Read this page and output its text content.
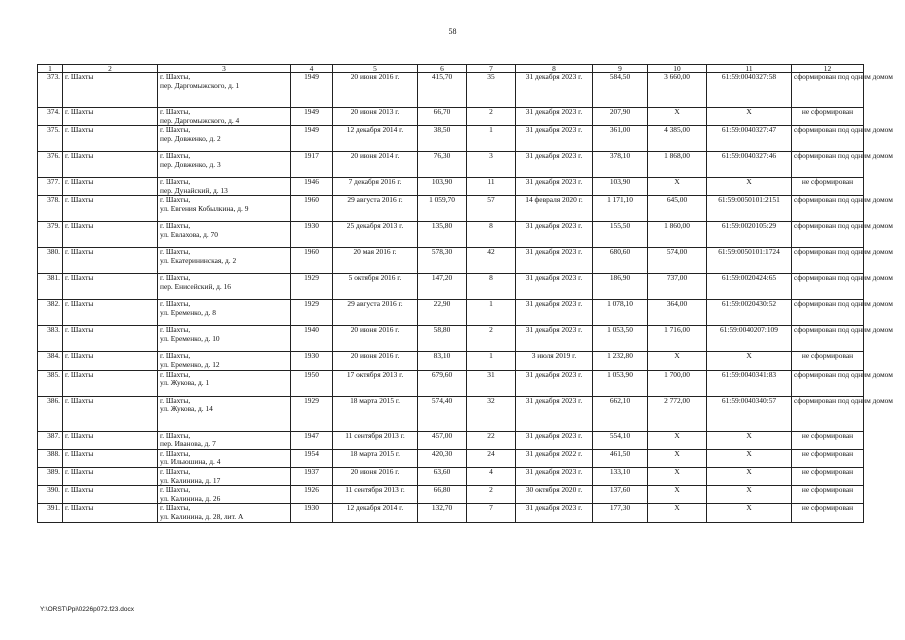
58
1	2	3	4	5	6	7	8	9	10	11	12
373.	г. Шахты	г. Шахты,
пер. Даргомыжского, д. 1	1949	20 июня 2016 г.	415,70	35	31 декабря 2023 г.	584,50	3 660,00	61:59:0040327:58	сформирован под одним домом
374.	г. Шахты	г. Шахты,
пер. Даргомыжского, д. 4	1949	20 июня 2013 г.	66,70	2	31 декабря 2023 г.	207,90	X	X	не сформирован
375.	г. Шахты	г. Шахты,
пер. Довженко, д. 2	1949	12 декабря 2014 г.	38,50	1	31 декабря 2023 г.	361,00	4 385,00	61:59:0040327:47	сформирован под одним домом
376.	г. Шахты	г. Шахты,
пер. Довженко, д. 3	1917	20 июня 2014 г.	76,30	3	31 декабря 2023 г.	378,10	1 868,00	61:59:0040327:46	сформирован под одним домом
377.	г. Шахты	г. Шахты,
пер. Дунайский, д. 13	1946	7 декабря 2016 г.	103,90	11	31 декабря 2023 г.	103,90	X	X	не сформирован
378.	г. Шахты	г. Шахты,
ул. Евгения Кобылкина, д. 9	1960	29 августа 2016 г.	1 059,70	57	14 февраля 2020 г.	1 171,10	645,00	61:59:0050101:2151	сформирован под одним домом
379.	г. Шахты	г. Шахты,
ул. Евлахова, д. 70	1930	25 декабря 2013 г.	135,80	8	31 декабря 2023 г.	155,50	1 860,00	61:59:0020105:29	сформирован под одним домом
380.	г. Шахты	г. Шахты,
ул. Екатерининская, д. 2	1960	20 мая 2016 г.	578,30	42	31 декабря 2023 г.	680,60	574,00	61:59:0050101:1724	сформирован под одним домом
381.	г. Шахты	г. Шахты,
пер. Енисейский, д. 16	1929	5 октября 2016 г.	147,20	8	31 декабря 2023 г.	186,90	737,00	61:59:0020424:65	сформирован под одним домом
382.	г. Шахты	г. Шахты,
ул. Еременко, д. 8	1929	29 августа 2016 г.	22,90	1	31 декабря 2023 г.	1 078,10	364,00	61:59:0020430:52	сформирован под одним домом
383.	г. Шахты	г. Шахты,
ул. Еременко, д. 10	1940	20 июня 2016 г.	58,80	2	31 декабря 2023 г.	1 053,50	1 716,00	61:59:0040207:109	сформирован под одним домом
384.	г. Шахты	г. Шахты,
ул. Еременко, д. 12	1930	20 июня 2016 г.	83,10	1	3 июля 2019 г.	1 232,80	X	X	не сформирован
385.	г. Шахты	г. Шахты,
ул. Жукова, д. 1	1950	17 октября 2013 г.	679,60	31	31 декабря 2023 г.	1 053,90	1 700,00	61:59:0040341:83	сформирован под одним домом
386.	г. Шахты	г. Шахты,
ул. Жукова, д. 14	1929	18 марта 2015 г.	574,40	32	31 декабря 2023 г.	662,10	2 772,00	61:59:0040340:57	сформирован под одним домом
387.	г. Шахты	г. Шахты,
пер. Иванова, д. 7	1947	11 сентября 2013 г.	457,00	22	31 декабря 2023 г.	554,10	X	X	не сформирован
388.	г. Шахты	г. Шахты,
ул. Ильюшина, д. 4	1954	18 марта 2015 г.	420,30	24	31 декабря 2022 г.	461,50	X	X	не сформирован
389.	г. Шахты	г. Шахты,
ул. Калинина, д. 17	1937	20 июня 2016 г.	63,60	4	31 декабря 2023 г.	133,10	X	X	не сформирован
390.	г. Шахты	г. Шахты,
ул. Калинина, д. 26	1926	11 сентября 2013 г.	66,80	2	30 октября 2020 г.	137,60	X	X	не сформирован
391.	г. Шахты	г. Шахты,
ул. Калинина, д. 28, лит. А	1930	12 декабря 2014 г.	132,70	7	31 декабря 2023 г.	177,30	X	X	не сформирован
Y:\ORST\Ppi\0226p072.f23.docx
